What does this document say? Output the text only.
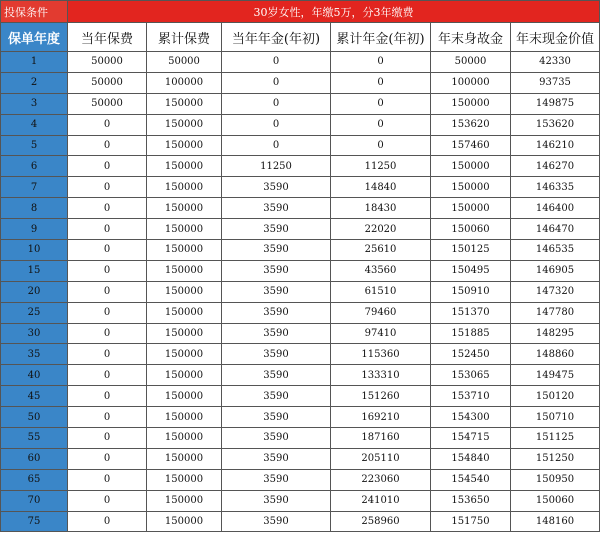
投保条件	30岁女性，年缴5万，分3年缴费					
保单年度	当年保费	累计保费	当年年金(年初)	累计年金(年初)	年末身故金	年末现金价值
1	50000	50000	0	0	50000	42330
2	50000	100000	0	0	100000	93735
3	50000	150000	0	0	150000	149875
4	0	150000	0	0	153620	153620
5	0	150000	0	0	157460	146210
6	0	150000	11250	11250	150000	146270
7	0	150000	3590	14840	150000	146335
8	0	150000	3590	18430	150000	146400
9	0	150000	3590	22020	150060	146470
10	0	150000	3590	25610	150125	146535
15	0	150000	3590	43560	150495	146905
20	0	150000	3590	61510	150910	147320
25	0	150000	3590	79460	151370	147780
30	0	150000	3590	97410	151885	148295
35	0	150000	3590	115360	152450	148860
40	0	150000	3590	133310	153065	149475
45	0	150000	3590	151260	153710	150120
50	0	150000	3590	169210	154300	150710
55	0	150000	3590	187160	154715	151125
60	0	150000	3590	205110	154840	151250
65	0	150000	3590	223060	154540	150950
70	0	150000	3590	241010	153650	150060
75	0	150000	3590	258960	151750	148160
